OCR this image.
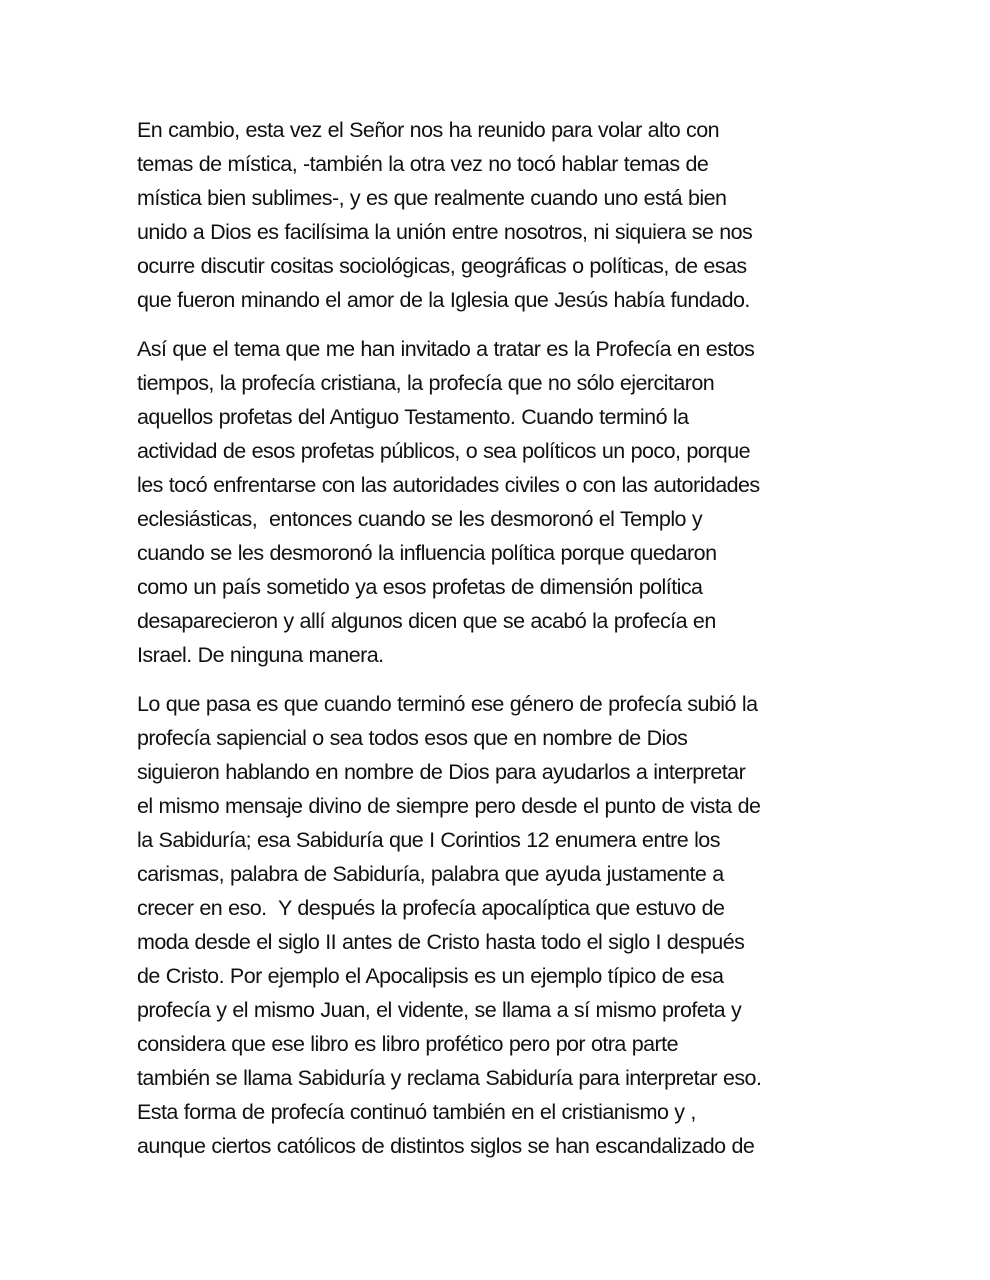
En cambio, esta vez el Señor nos ha reunido para volar alto con
temas de mística, -también la otra vez no tocó hablar temas de
mística bien sublimes-, y es que realmente cuando uno está bien
unido a Dios es facilísima la unión entre nosotros, ni siquiera se nos
ocurre discutir cositas sociológicas, geográficas o políticas, de esas
que fueron minando el amor de la Iglesia que Jesús había fundado.
Así que el tema que me han invitado a tratar es la Profecía en estos
tiempos, la profecía cristiana, la profecía que no sólo ejercitaron
aquellos profetas del Antiguo Testamento. Cuando terminó la
actividad de esos profetas públicos, o sea políticos un poco, porque
les tocó enfrentarse con las autoridades civiles o con las autoridades
eclesiásticas,  entonces cuando se les desmoronó el Templo y
cuando se les desmoronó la influencia política porque quedaron
como un país sometido ya esos profetas de dimensión política
desaparecieron y allí algunos dicen que se acabó la profecía en
Israel. De ninguna manera.
Lo que pasa es que cuando terminó ese género de profecía subió la
profecía sapiencial o sea todos esos que en nombre de Dios
siguieron hablando en nombre de Dios para ayudarlos a interpretar
el mismo mensaje divino de siempre pero desde el punto de vista de
la Sabiduría; esa Sabiduría que I Corintios 12 enumera entre los
carismas, palabra de Sabiduría, palabra que ayuda justamente a
crecer en eso.  Y después la profecía apocalíptica que estuvo de
moda desde el siglo II antes de Cristo hasta todo el siglo I después
de Cristo. Por ejemplo el Apocalipsis es un ejemplo típico de esa
profecía y el mismo Juan, el vidente, se llama a sí mismo profeta y
considera que ese libro es libro profético pero por otra parte
también se llama Sabiduría y reclama Sabiduría para interpretar eso.
Esta forma de profecía continuó también en el cristianismo y ,
aunque ciertos católicos de distintos siglos se han escandalizado de
